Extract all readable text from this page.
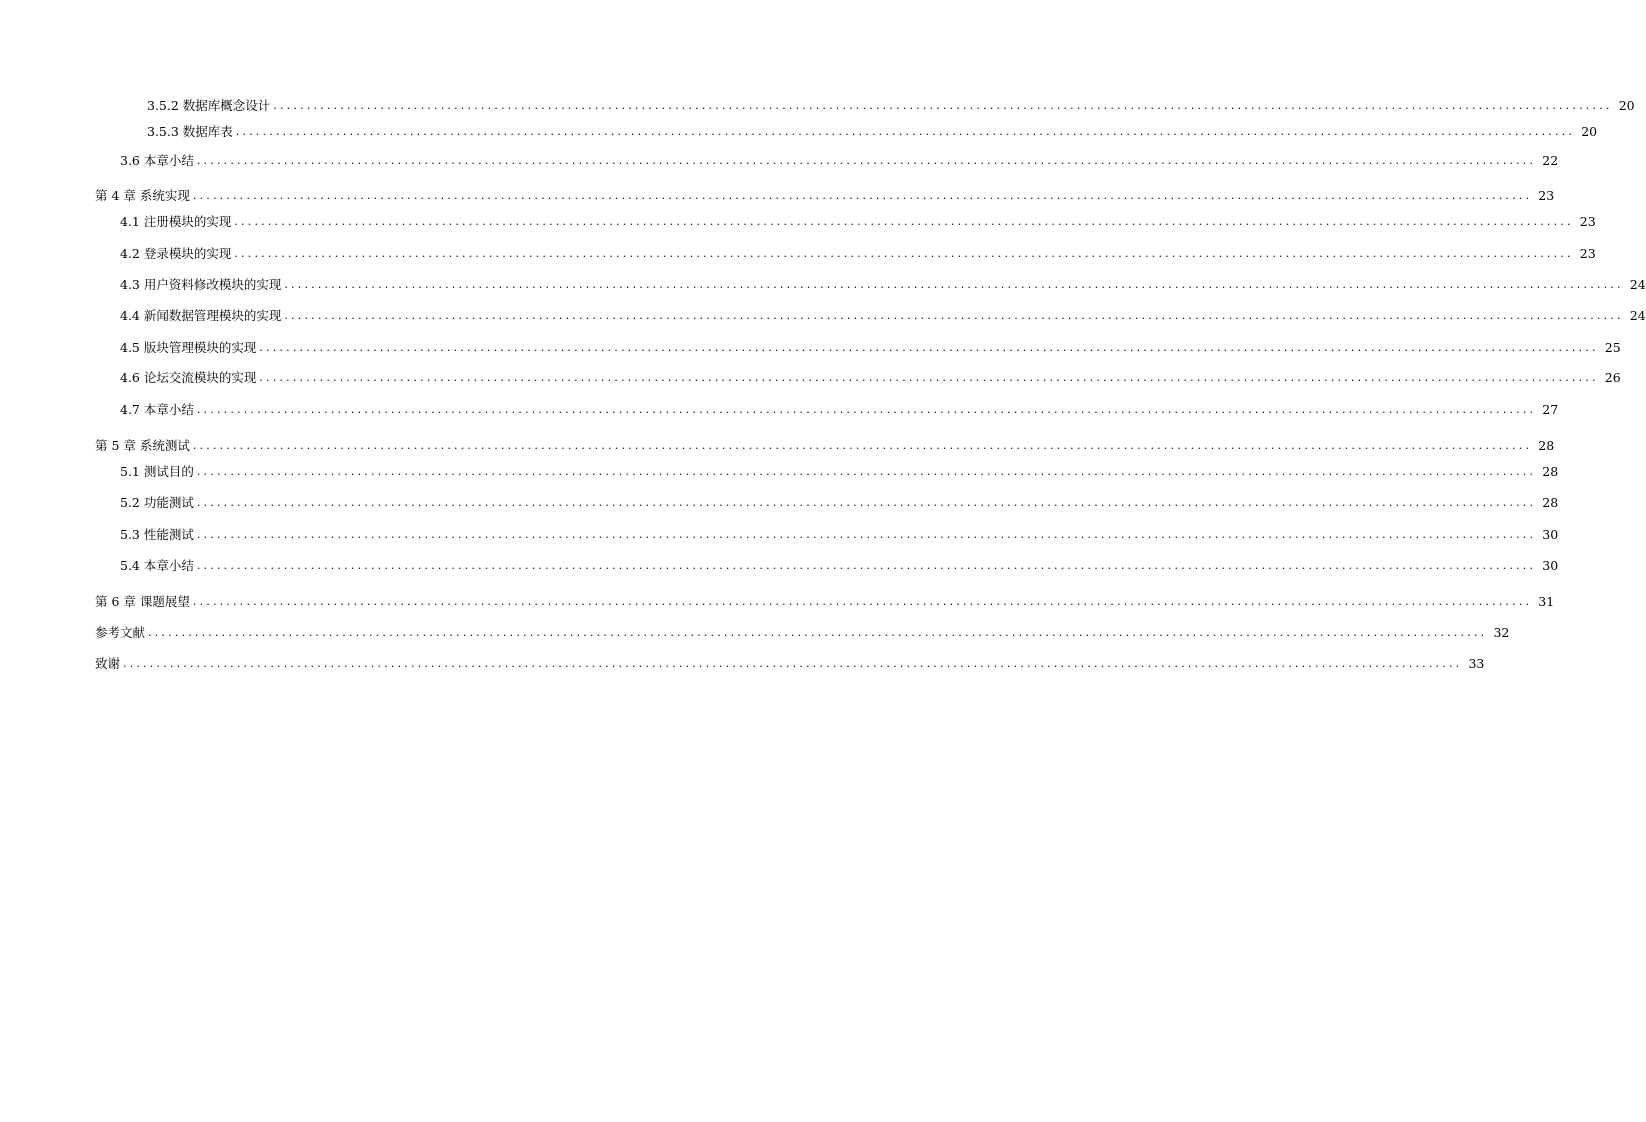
3.5.2 数据库概念设计 ........................................................................................................................................................................................................ 20
3.5.3 数据库表 ........................................................................................................................................................................................................ 20
3.6 本章小结 ........................................................................................................................................................................................................ 22
第 4 章 系统实现 ........................................................................................................................................................................................................ 23
4.1 注册模块的实现 ........................................................................................................................................................................................................ 23
4.2 登录模块的实现 ........................................................................................................................................................................................................ 23
4.3 用户资料修改模块的实现 ........................................................................................................................................................................................................ 24
4.4 新闻数据管理模块的实现 ........................................................................................................................................................................................................ 24
4.5 版块管理模块的实现 ........................................................................................................................................................................................................ 25
4.6 论坛交流模块的实现 ........................................................................................................................................................................................................ 26
4.7 本章小结 ........................................................................................................................................................................................................ 27
第 5 章 系统测试 ........................................................................................................................................................................................................ 28
5.1 测试目的 ........................................................................................................................................................................................................ 28
5.2 功能测试 ........................................................................................................................................................................................................ 28
5.3 性能测试 ........................................................................................................................................................................................................ 30
5.4 本章小结 ........................................................................................................................................................................................................ 30
第 6 章 课题展望 ........................................................................................................................................................................................................ 31
参考文献 ........................................................................................................................................................................................................ 32
致谢 ........................................................................................................................................................................................................ 33
